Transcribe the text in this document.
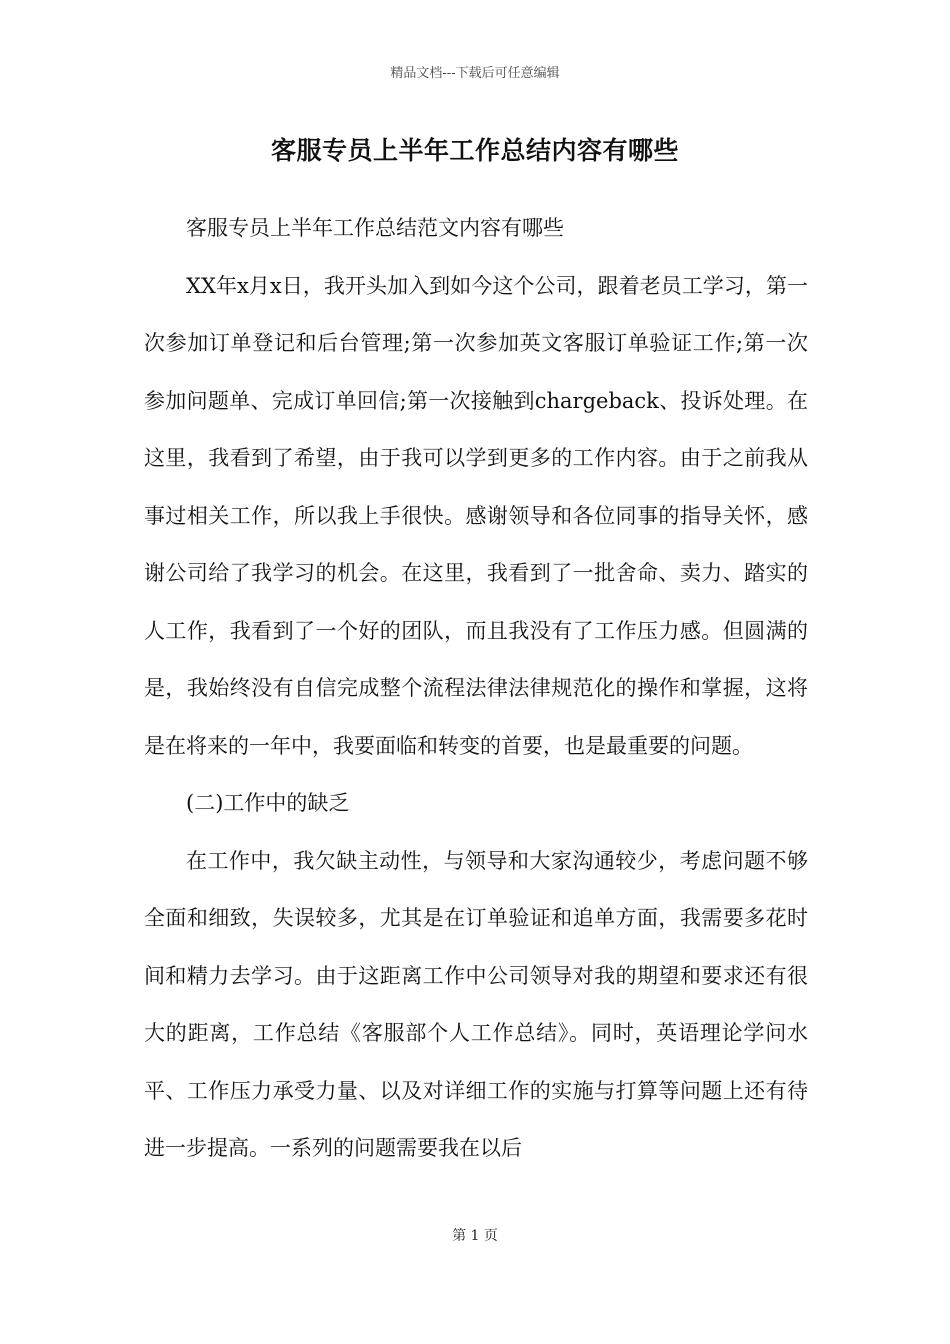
精品文档---下载后可任意编辑
客服专员上半年工作总结内容有哪些

客服专员上半年工作总结范文内容有哪些

XX年x月x日，我开头加入到如今这个公司，跟着老员工学习，第一次参加订单登记和后台管理;第一次参加英文客服订单验证工作;第一次参加问题单、完成订单回信;第一次接触到chargeback、投诉处理。在这里，我看到了希望，由于我可以学到更多的工作内容。由于之前我从事过相关工作，所以我上手很快。感谢领导和各位同事的指导关怀，感谢公司给了我学习的机会。在这里，我看到了一批舍命、卖力、踏实的人工作，我看到了一个好的团队，而且我没有了工作压力感。但圆满的是，我始终没有自信完成整个流程法律法律规范化的操作和掌握，这将是在将来的一年中，我要面临和转变的首要，也是最重要的问题。

(二)工作中的缺乏

在工作中，我欠缺主动性，与领导和大家沟通较少，考虑问题不够全面和细致，失误较多，尤其是在订单验证和追单方面，我需要多花时间和精力去学习。由于这距离工作中公司领导对我的期望和要求还有很大的距离，工作总结《客服部个人工作总结》。同时，英语理论学问水平、工作压力承受力量、以及对详细工作的实施与打算等问题上还有待进一步提高。一系列的问题需要我在以后

第 1 页
